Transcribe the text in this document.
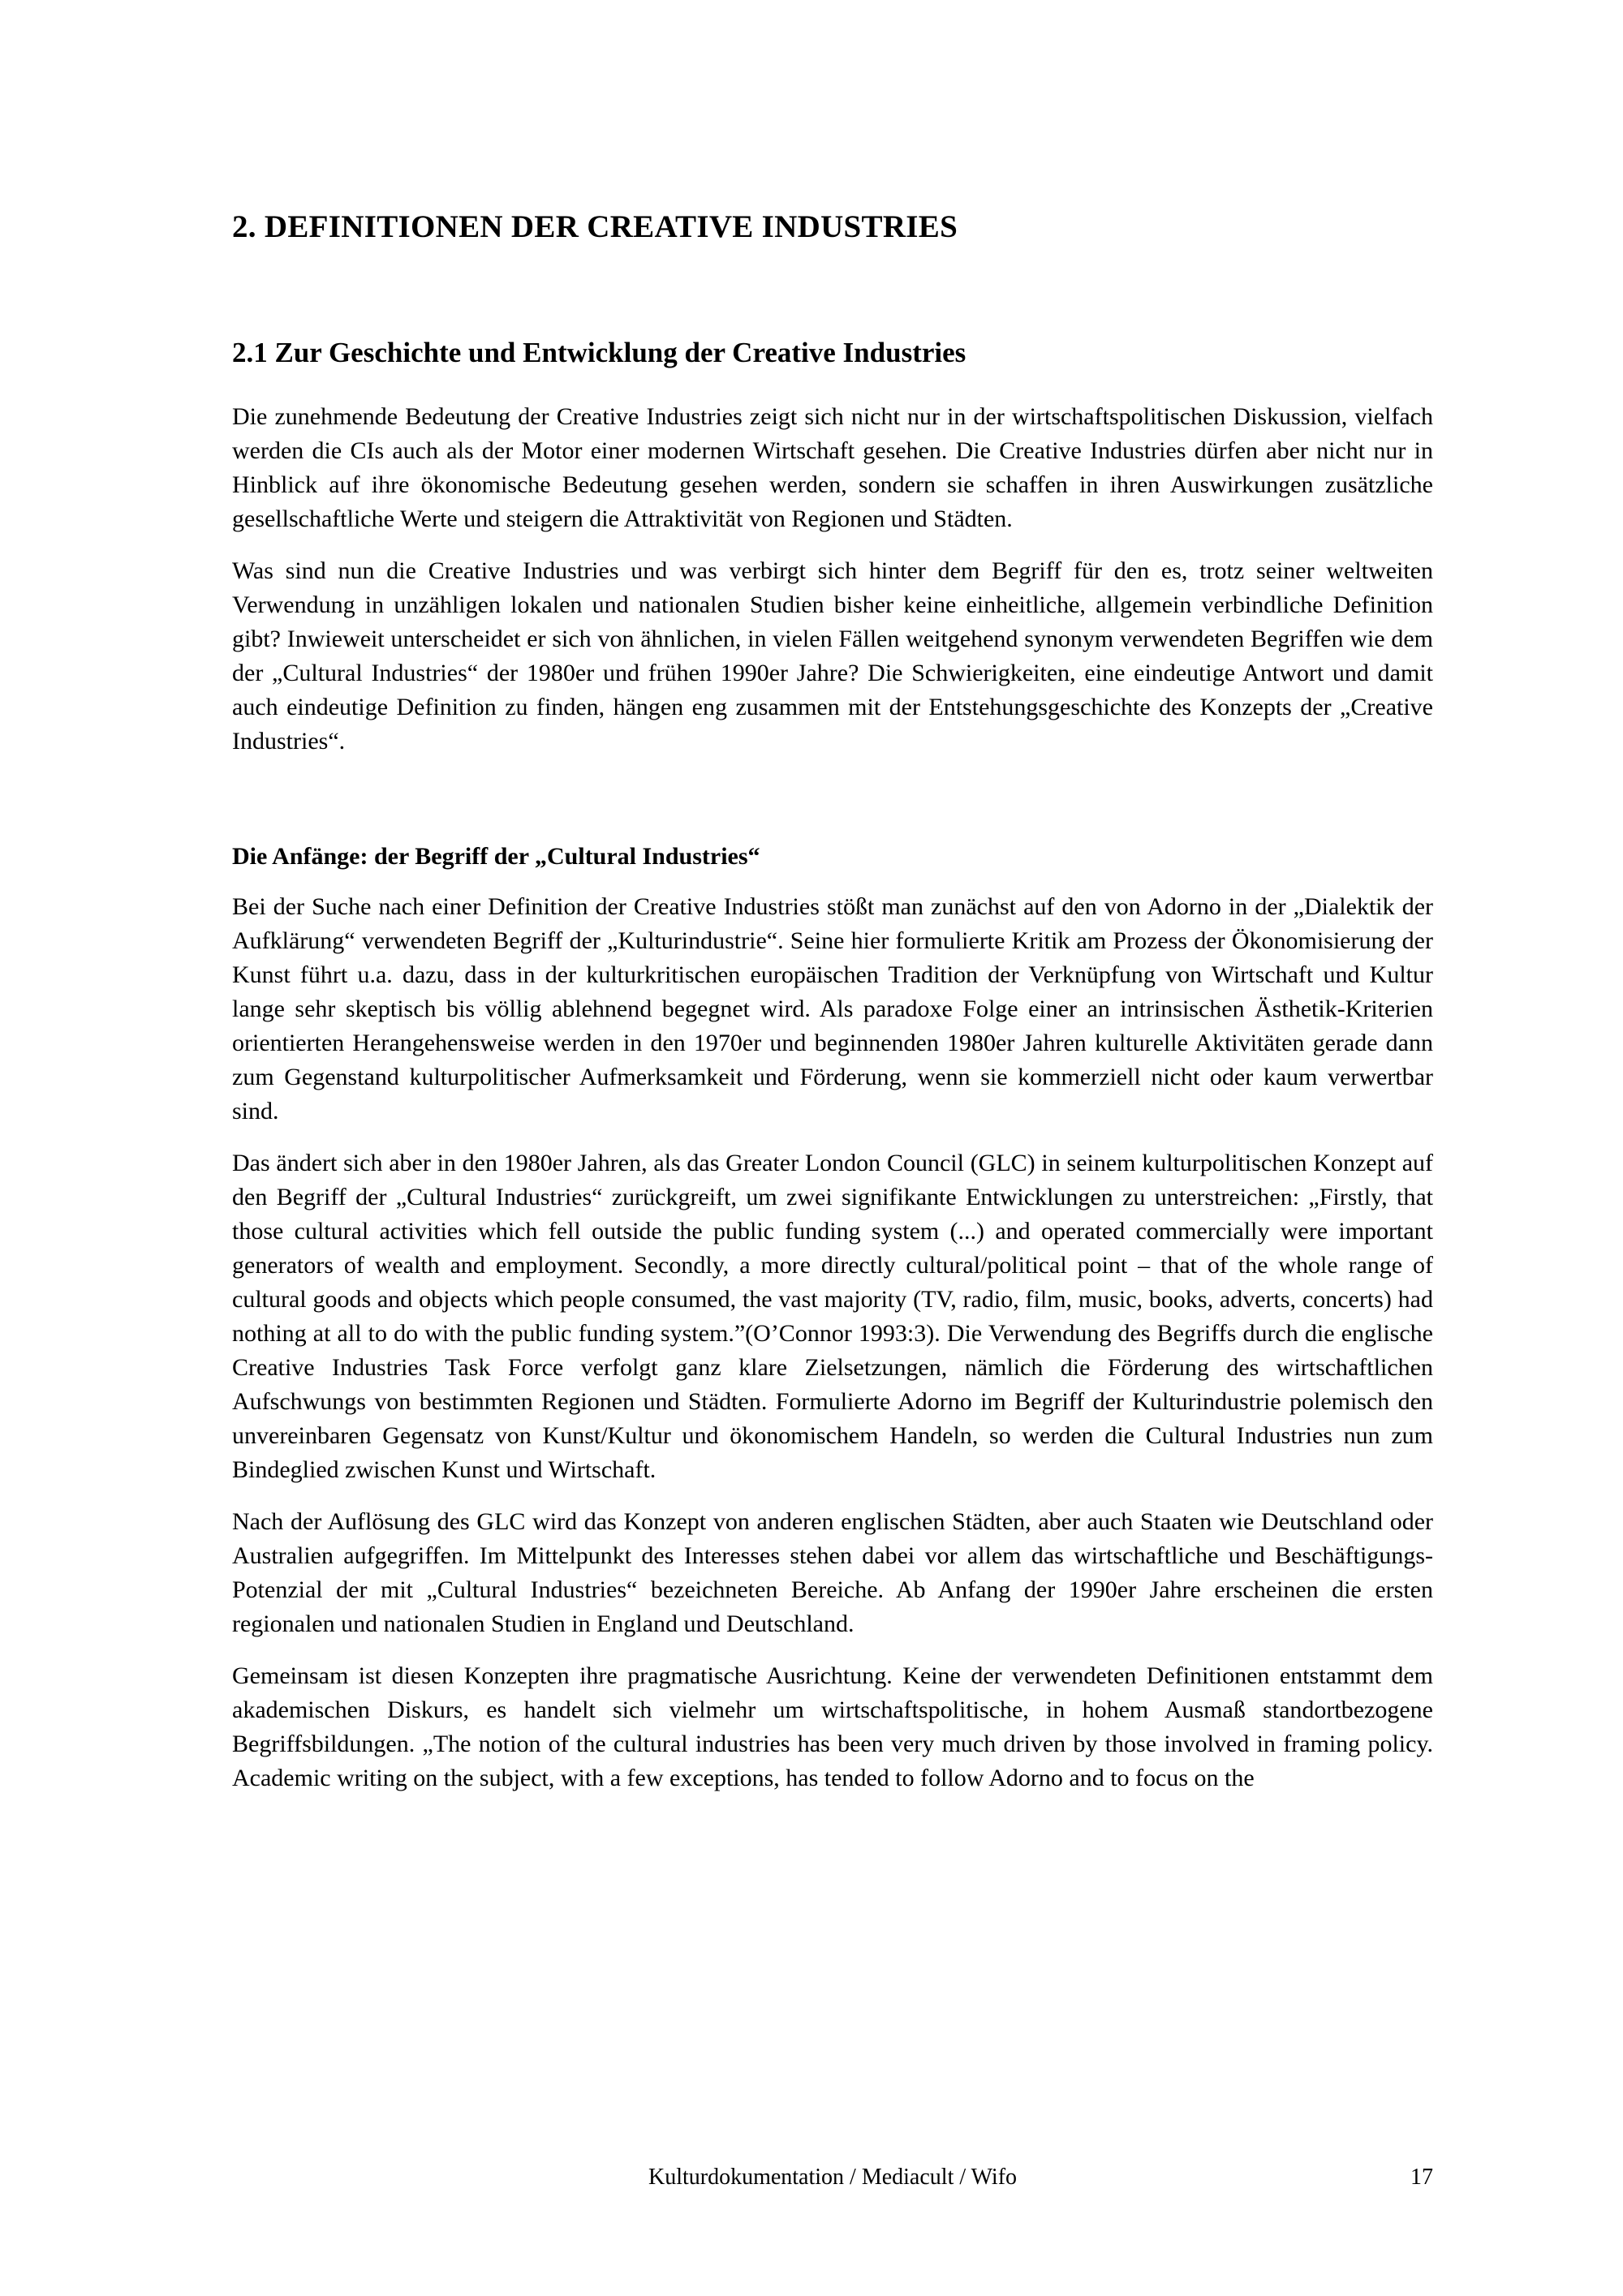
2. DEFINITIONEN DER CREATIVE INDUSTRIES
2.1 Zur Geschichte und Entwicklung der Creative Industries

Die zunehmende Bedeutung der Creative Industries zeigt sich nicht nur in der wirtschaftspolitischen Diskussion, vielfach werden die CIs auch als der Motor einer modernen Wirtschaft gesehen. Die Creative Industries dürfen aber nicht nur in Hinblick auf ihre ökonomische Bedeutung gesehen werden, sondern sie schaffen in ihren Auswirkungen zusätzliche gesellschaftliche Werte und steigern die Attraktivität von Regionen und Städten.

Was sind nun die Creative Industries und was verbirgt sich hinter dem Begriff für den es, trotz seiner weltweiten Verwendung in unzähligen lokalen und nationalen Studien bisher keine einheitliche, allgemein verbindliche Definition gibt? Inwieweit unterscheidet er sich von ähnlichen, in vielen Fällen weitgehend synonym verwendeten Begriffen wie dem der „Cultural Industries“ der 1980er und frühen 1990er Jahre? Die Schwierigkeiten, eine eindeutige Antwort und damit auch eindeutige Definition zu finden, hängen eng zusammen mit der Entstehungsgeschichte des Konzepts der „Creative Industries“.

Die Anfänge: der Begriff der „Cultural Industries“

Bei der Suche nach einer Definition der Creative Industries stößt man zunächst auf den von Adorno in der „Dialektik der Aufklärung“ verwendeten Begriff der „Kulturindustrie“. Seine hier formulierte Kritik am Prozess der Ökonomisierung der Kunst führt u.a. dazu, dass in der kulturkritischen europäischen Tradition der Verknüpfung von Wirtschaft und Kultur lange sehr skeptisch bis völlig ablehnend begegnet wird. Als paradoxe Folge einer an intrinsischen Ästhetik-Kriterien orientierten Herangehensweise werden in den 1970er und beginnenden 1980er Jahren kulturelle Aktivitäten gerade dann zum Gegenstand kulturpolitischer Aufmerksamkeit und Förderung, wenn sie kommerziell nicht oder kaum verwertbar sind.

Das ändert sich aber in den 1980er Jahren, als das Greater London Council (GLC) in seinem kulturpolitischen Konzept auf den Begriff der „Cultural Industries“ zurückgreift, um zwei signifikante Entwicklungen zu unterstreichen: „Firstly, that those cultural activities which fell outside the public funding system (...) and operated commercially were important generators of wealth and employment. Secondly, a more directly cultural/political point – that of the whole range of cultural goods and objects which people consumed, the vast majority (TV, radio, film, music, books, adverts, concerts) had nothing at all to do with the public funding system.”(O’Connor 1993:3). Die Verwendung des Begriffs durch die englische Creative Industries Task Force verfolgt ganz klare Zielsetzungen, nämlich die Förderung des wirtschaftlichen Aufschwungs von bestimmten Regionen und Städten. Formulierte Adorno im Begriff der Kulturindustrie polemisch den unvereinbaren Gegensatz von Kunst/Kultur und ökonomischem Handeln, so werden die Cultural Industries nun zum Bindeglied zwischen Kunst und Wirtschaft.

Nach der Auflösung des GLC wird das Konzept von anderen englischen Städten, aber auch Staaten wie Deutschland oder Australien aufgegriffen. Im Mittelpunkt des Interesses stehen dabei vor allem das wirtschaftliche und Beschäftigungs-Potenzial der mit „Cultural Industries“ bezeichneten Bereiche. Ab Anfang der 1990er Jahre erscheinen die ersten regionalen und nationalen Studien in England und Deutschland.

Gemeinsam ist diesen Konzepten ihre pragmatische Ausrichtung. Keine der verwendeten Definitionen entstammt dem akademischen Diskurs, es handelt sich vielmehr um wirtschaftspolitische, in hohem Ausmaß standortbezogene Begriffsbildungen. „The notion of the cultural industries has been very much driven by those involved in framing policy. Academic writing on the subject, with a few exceptions, has tended to follow Adorno and to focus on the

Kulturdokumentation / Mediacult / Wifo	17
